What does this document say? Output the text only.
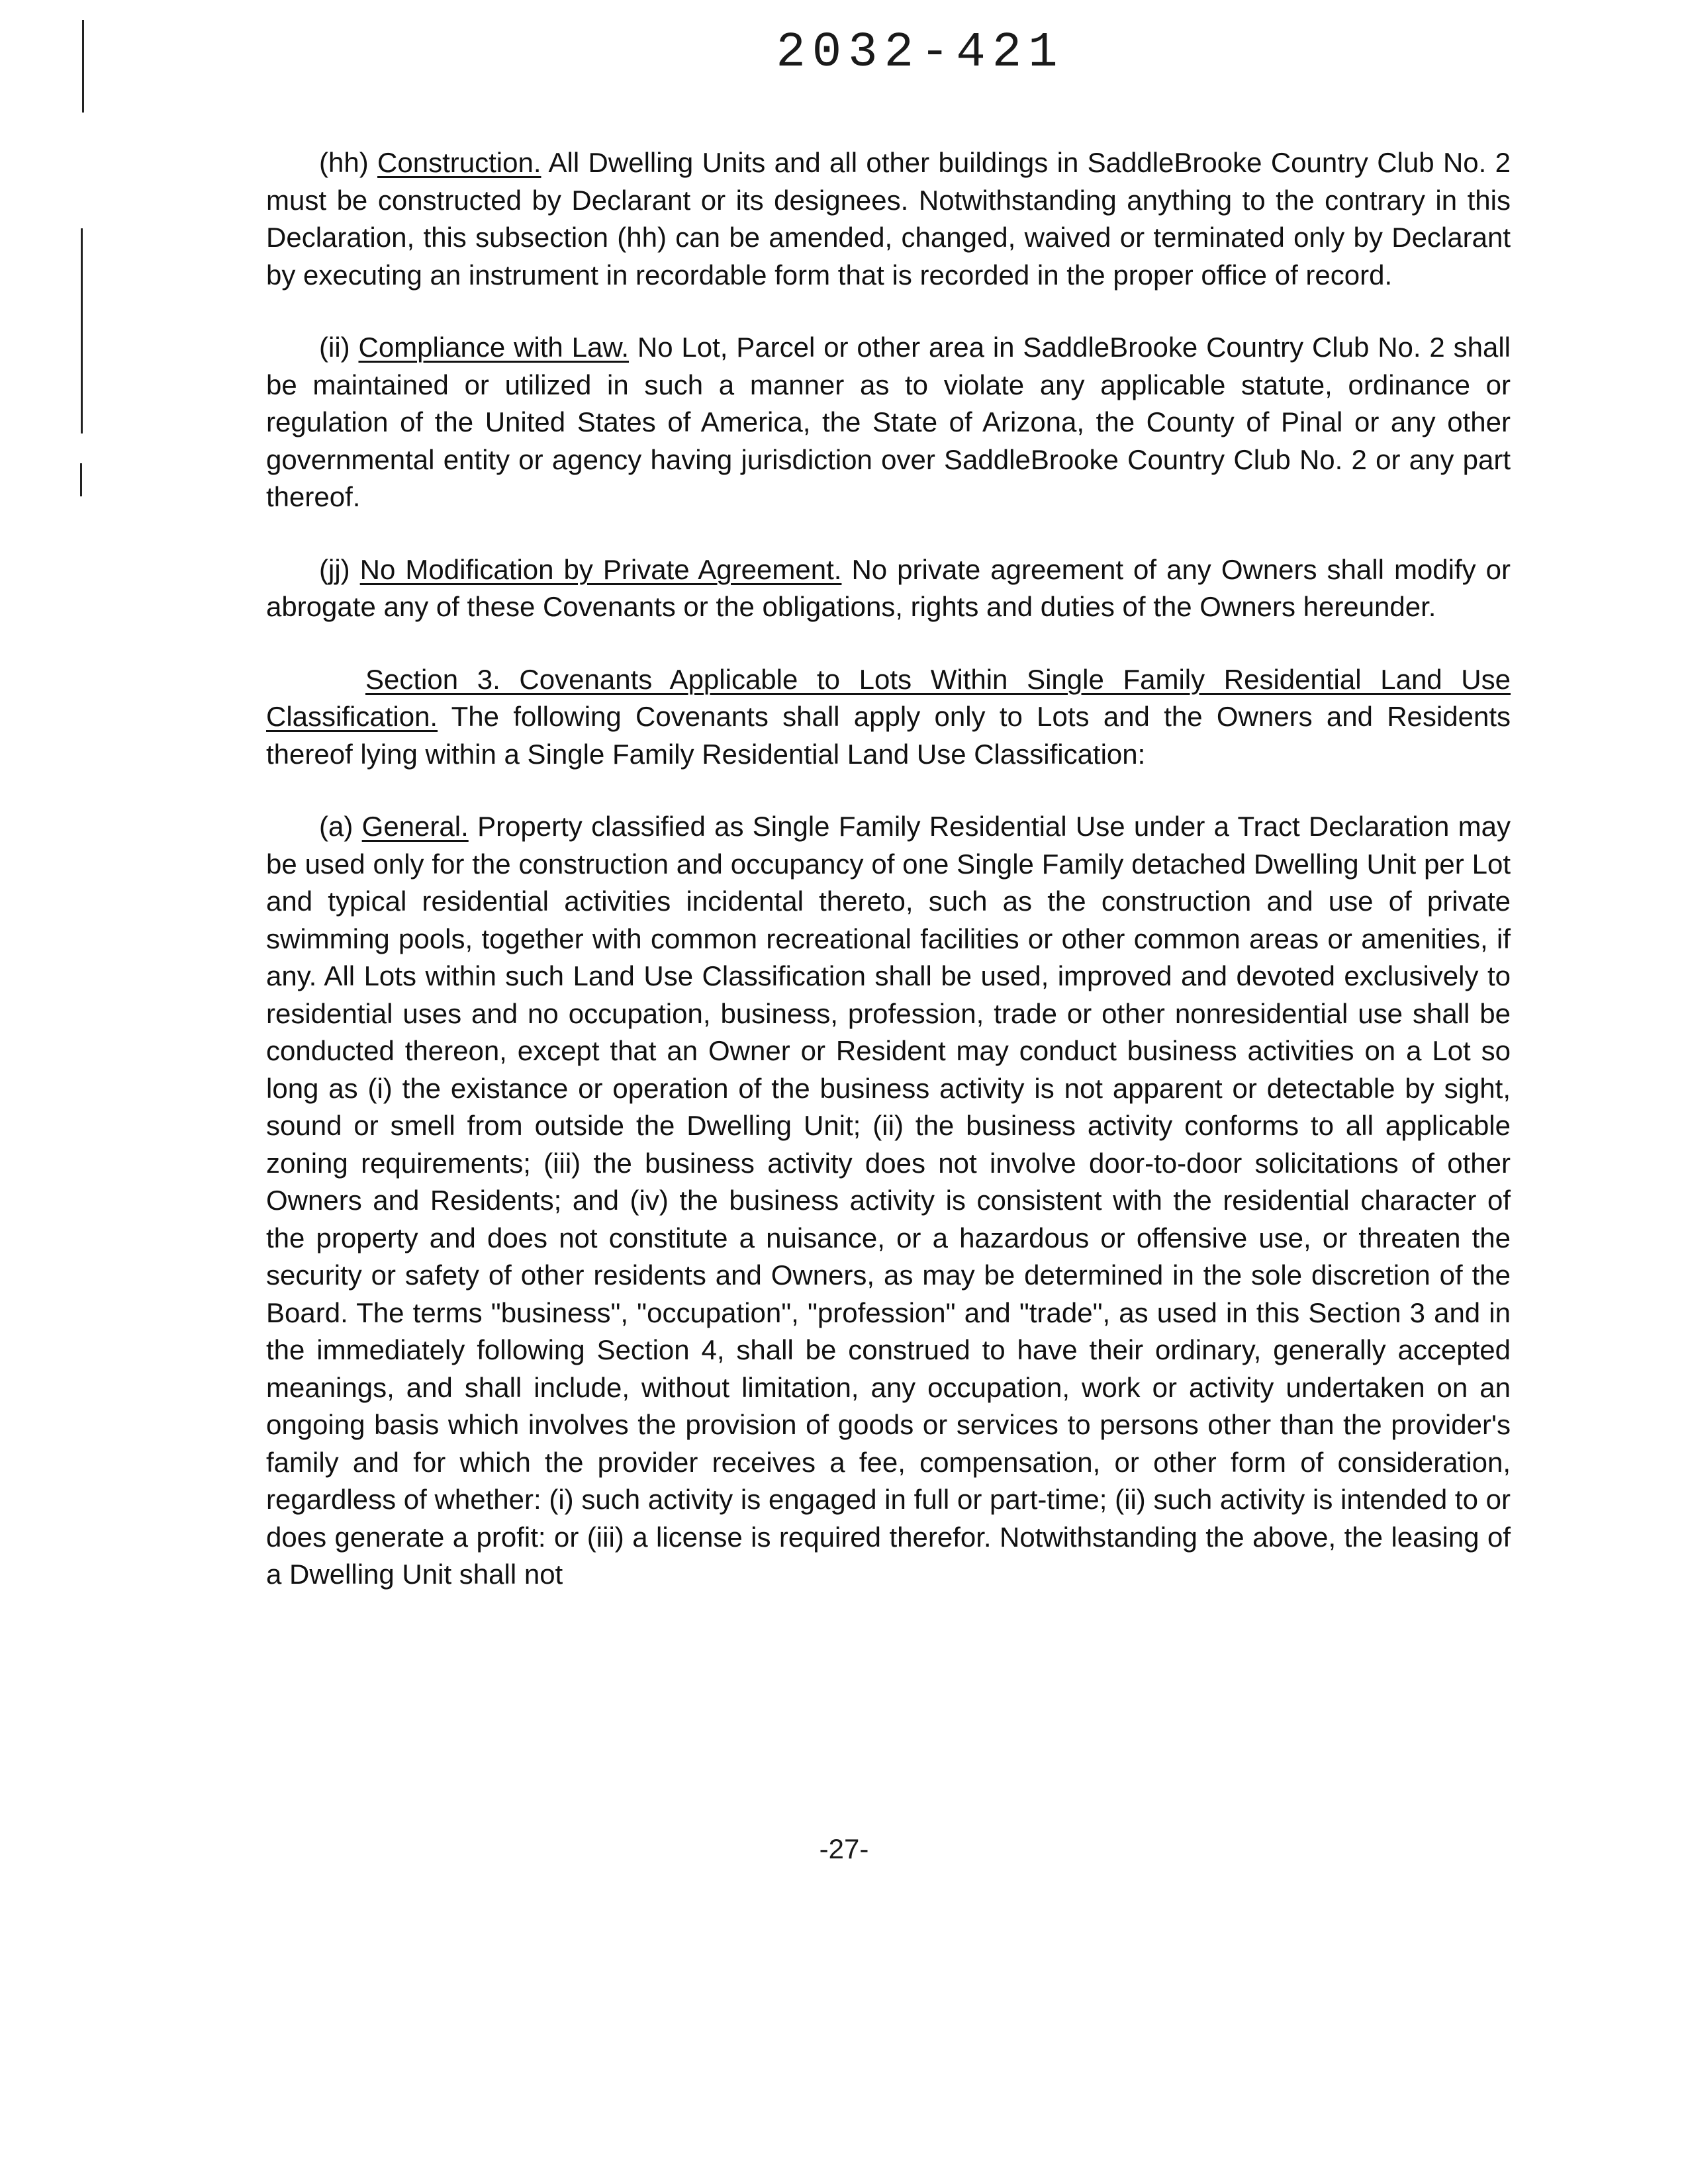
2032-421

(hh) Construction. All Dwelling Units and all other buildings in SaddleBrooke Country Club No. 2 must be constructed by Declarant or its designees. Notwithstanding anything to the contrary in this Declaration, this subsection (hh) can be amended, changed, waived or terminated only by Declarant by executing an instrument in recordable form that is recorded in the proper office of record.

(ii) Compliance with Law. No Lot, Parcel or other area in SaddleBrooke Country Club No. 2 shall be maintained or utilized in such a manner as to violate any applicable statute, ordinance or regulation of the United States of America, the State of Arizona, the County of Pinal or any other governmental entity or agency having jurisdiction over SaddleBrooke Country Club No. 2 or any part thereof.

(jj) No Modification by Private Agreement. No private agreement of any Owners shall modify or abrogate any of these Covenants or the obligations, rights and duties of the Owners hereunder.

Section 3. Covenants Applicable to Lots Within Single Family Residential Land Use Classification. The following Covenants shall apply only to Lots and the Owners and Residents thereof lying within a Single Family Residential Land Use Classification:

(a) General. Property classified as Single Family Residential Use under a Tract Declaration may be used only for the construction and occupancy of one Single Family detached Dwelling Unit per Lot and typical residential activities incidental thereto, such as the construction and use of private swimming pools, together with common recreational facilities or other common areas or amenities, if any. All Lots within such Land Use Classification shall be used, improved and devoted exclusively to residential uses and no occupation, business, profession, trade or other nonresidential use shall be conducted thereon, except that an Owner or Resident may conduct business activities on a Lot so long as (i) the existance or operation of the business activity is not apparent or detectable by sight, sound or smell from outside the Dwelling Unit; (ii) the business activity conforms to all applicable zoning requirements; (iii) the business activity does not involve door-to-door solicitations of other Owners and Residents; and (iv) the business activity is consistent with the residential character of the property and does not constitute a nuisance, or a hazardous or offensive use, or threaten the security or safety of other residents and Owners, as may be determined in the sole discretion of the Board. The terms "business", "occupation", "profession" and "trade", as used in this Section 3 and in the immediately following Section 4, shall be construed to have their ordinary, generally accepted meanings, and shall include, without limitation, any occupation, work or activity undertaken on an ongoing basis which involves the provision of goods or services to persons other than the provider's family and for which the provider receives a fee, compensation, or other form of consideration, regardless of whether: (i) such activity is engaged in full or part-time; (ii) such activity is intended to or does generate a profit: or (iii) a license is required therefor. Notwithstanding the above, the leasing of a Dwelling Unit shall not

-27-
